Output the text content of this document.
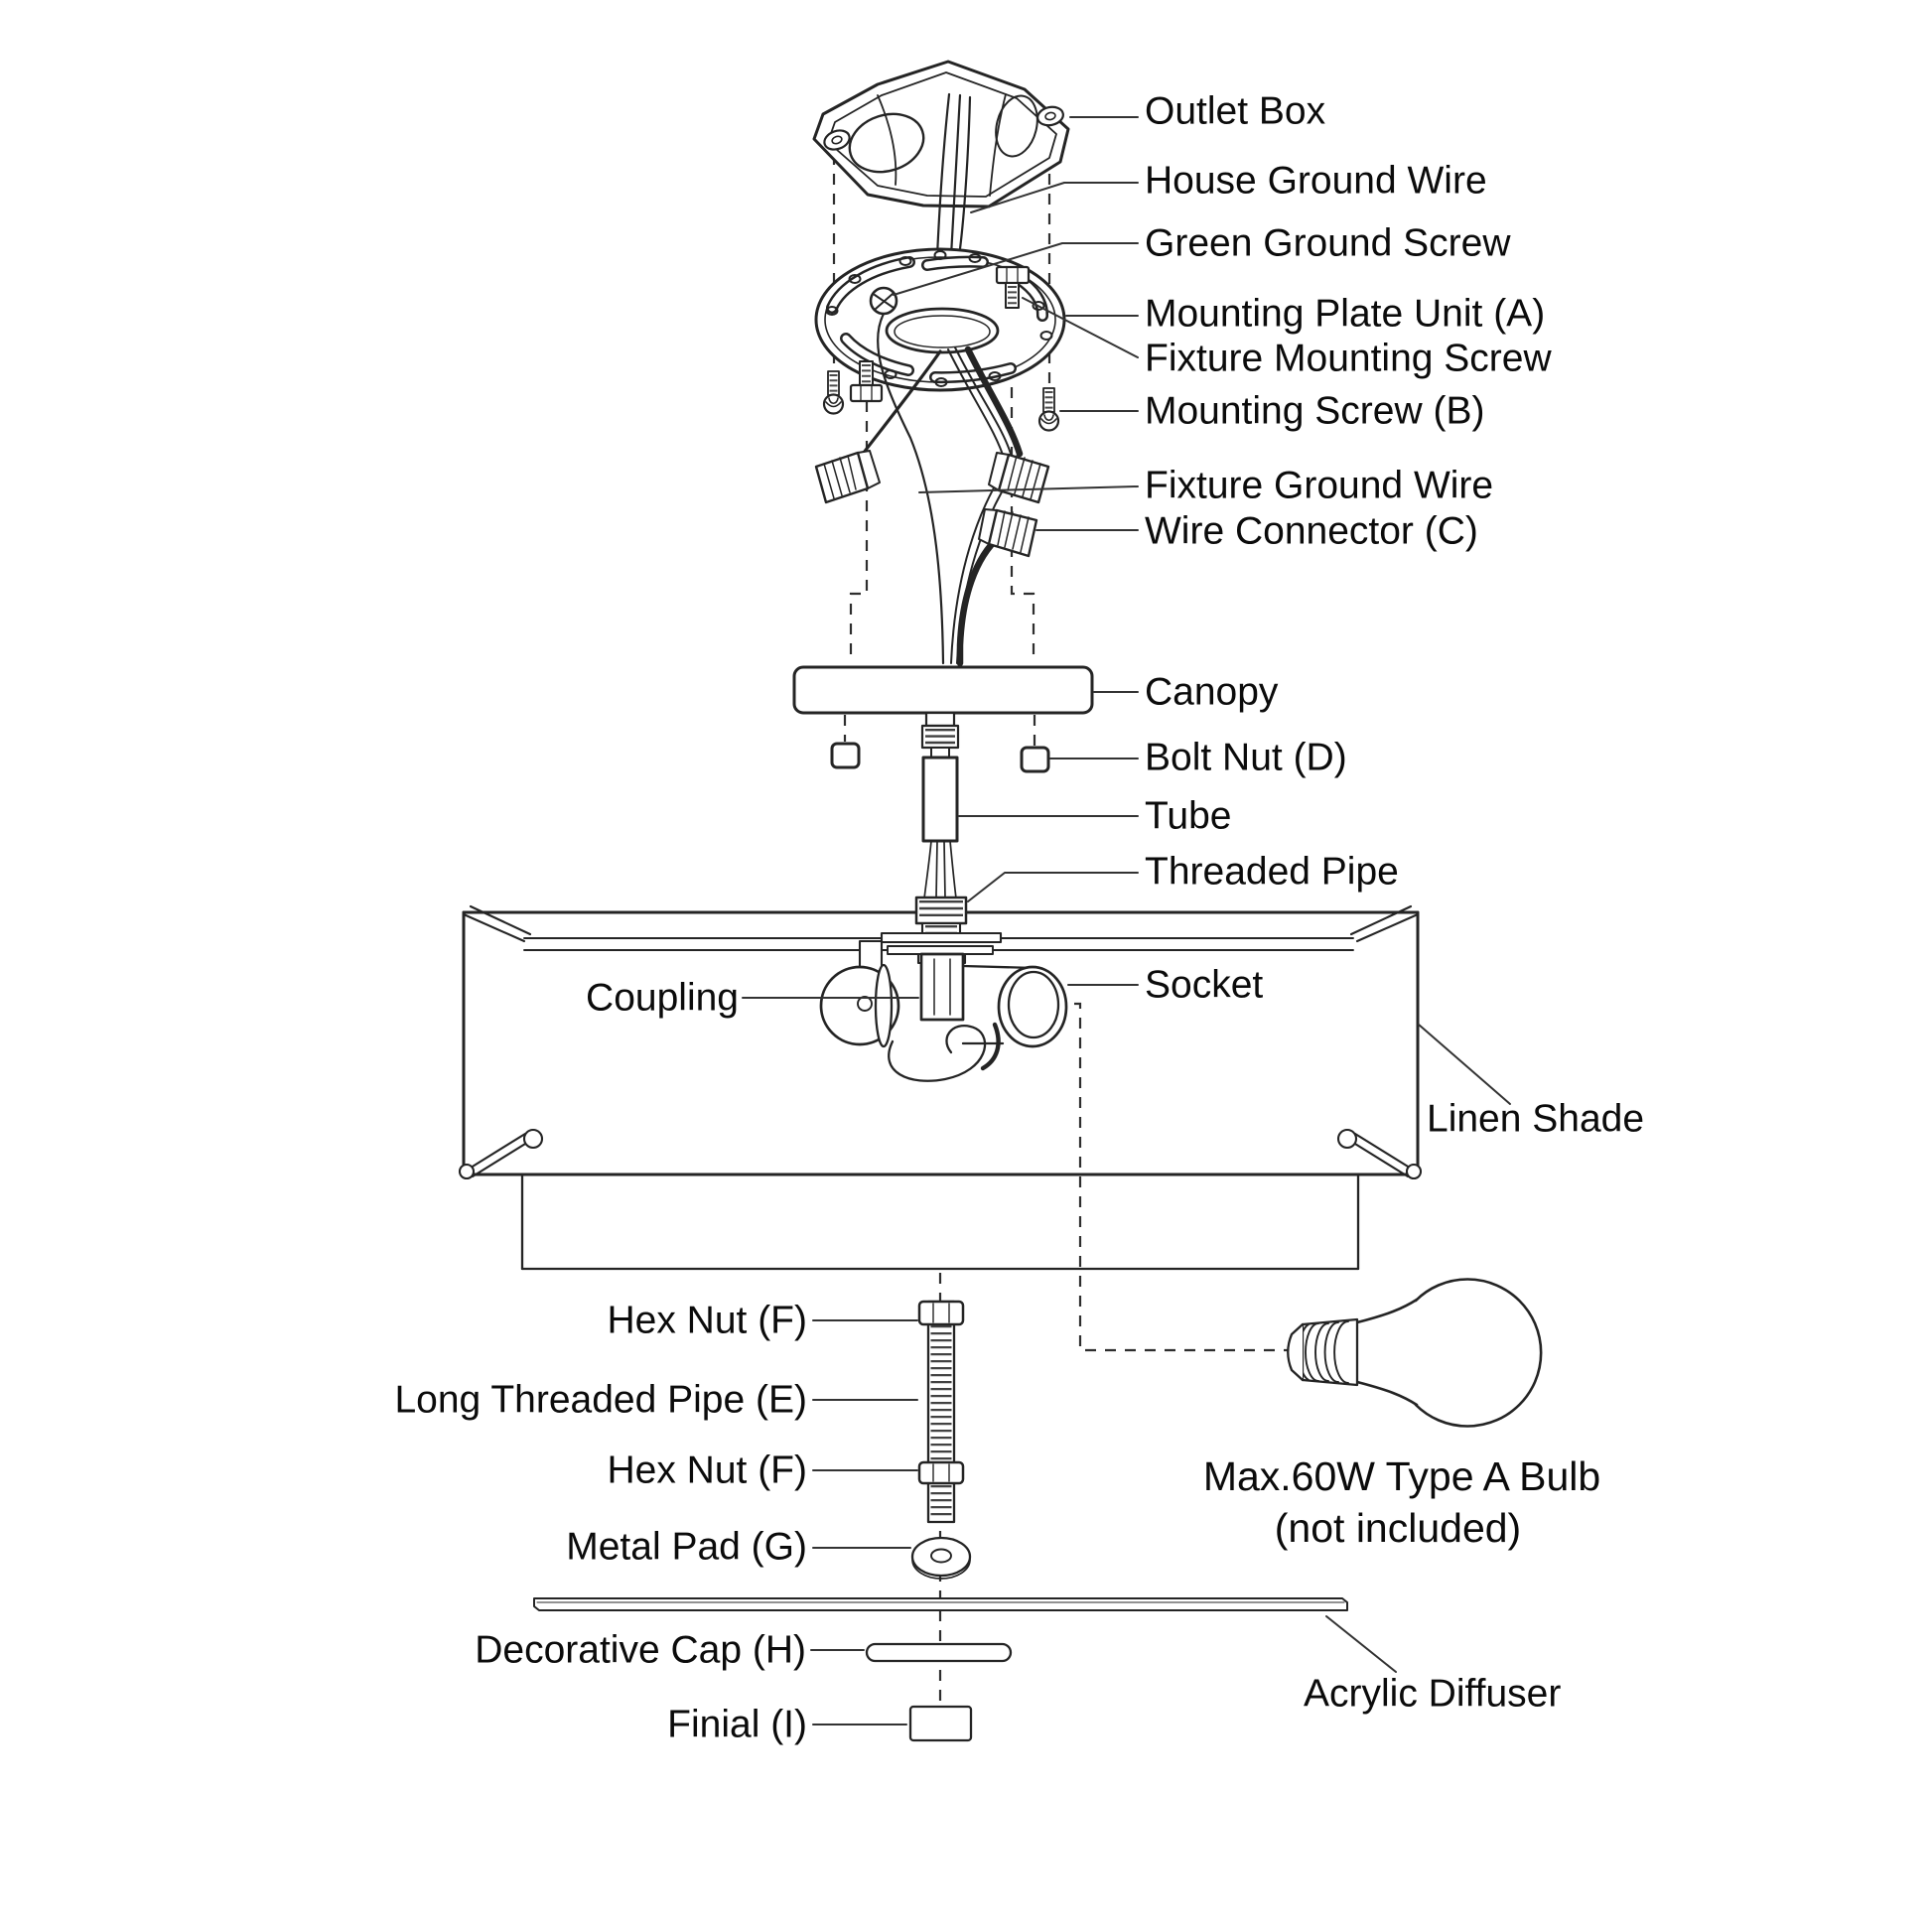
Outlet Box
House Ground Wire
Green Ground Screw
Mounting Plate Unit (A)
Fixture Mounting Screw
Mounting Screw (B)
Fixture Ground Wire
Wire Connector (C)
Canopy
Bolt Nut (D)
Tube
Threaded Pipe
Coupling	Socket
Linen Shade
Hex Nut (F)
Long Threaded Pipe (E)
Hex Nut (F)
Metal Pad (G)
Decorative Cap (H)
Finial (I)
Max.60W Type A Bulb
(not included)
Acrylic Diffuser
